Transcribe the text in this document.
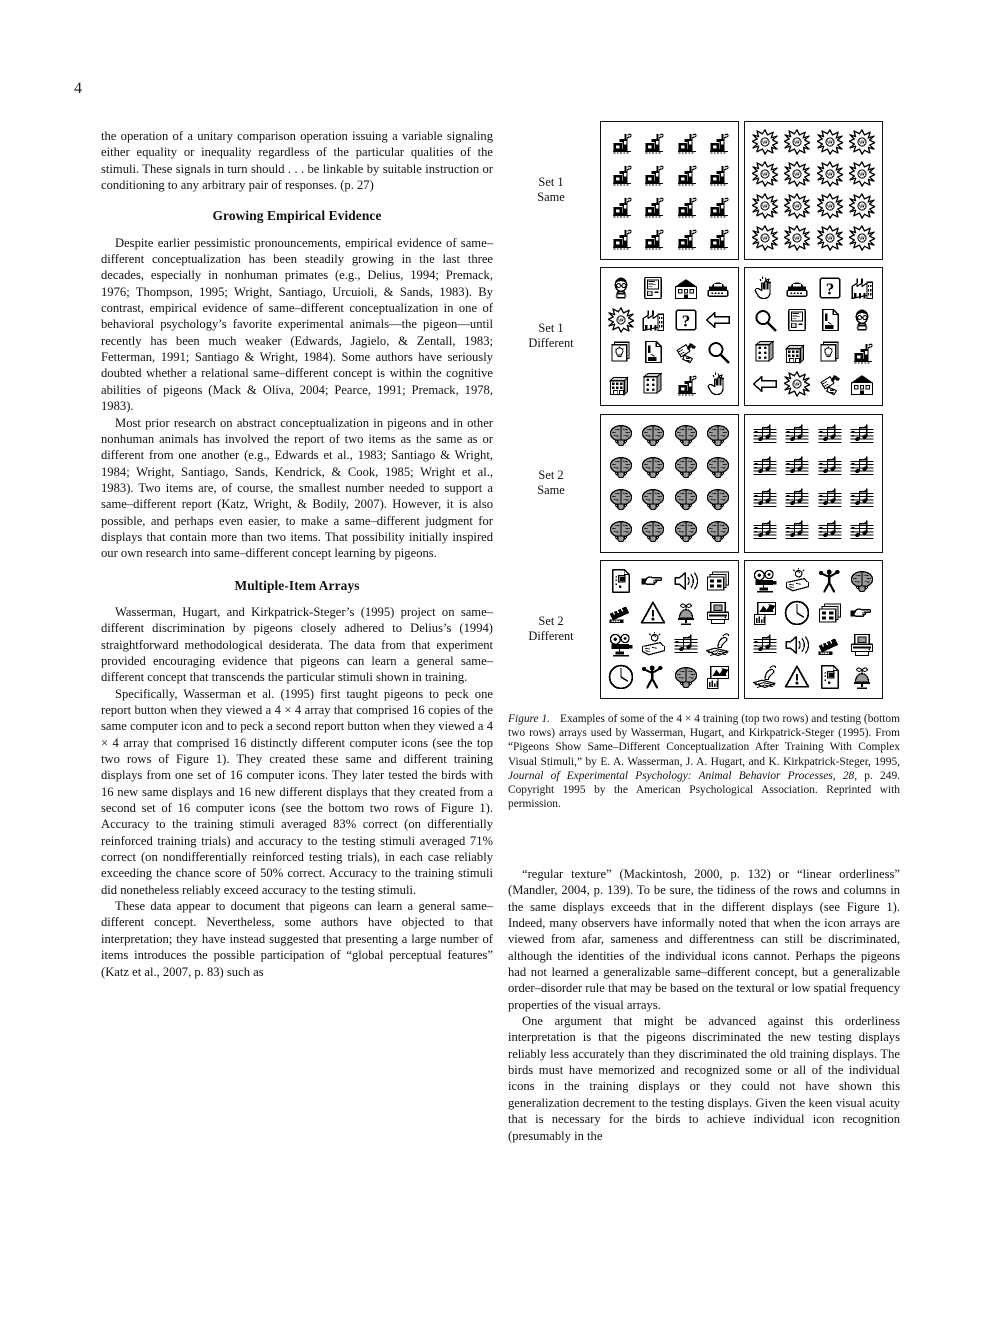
4

the operation of a unitary comparison operation issuing a variable signaling either equality or inequality regardless of the particular qualities of the stimuli. These signals in turn should . . . be linkable by suitable instruction or conditioning to any arbitrary pair of responses. (p. 27)

Growing Empirical Evidence

Despite earlier pessimistic pronouncements, empirical evidence of same–different conceptualization has been steadily growing in the last three decades, especially in nonhuman primates (e.g., Delius, 1994; Premack, 1976; Thompson, 1995; Wright, Santiago, Urcuioli, & Sands, 1983). By contrast, empirical evidence of same–different conceptualization in one of behavioral psychology’s favorite experimental animals—the pigeon—until recently has been much weaker (Edwards, Jagielo, & Zentall, 1983; Fetterman, 1991; Santiago & Wright, 1984). Some authors have seriously doubted whether a relational same–different concept is within the cognitive abilities of pigeons (Mack & Oliva, 2004; Pearce, 1991; Premack, 1978, 1983).

Most prior research on abstract conceptualization in pigeons and in other nonhuman animals has involved the report of two items as the same as or different from one another (e.g., Edwards et al., 1983; Santiago & Wright, 1984; Wright, Santiago, Sands, Kendrick, & Cook, 1985; Wright et al., 1983). Two items are, of course, the smallest number needed to support a same–different report (Katz, Wright, & Bodily, 2007). However, it is also possible, and perhaps even easier, to make a same–different judgment for displays that contain more than two items. That possibility initially inspired our own research into same–different concept learning by pigeons.

Multiple-Item Arrays

Wasserman, Hugart, and Kirkpatrick-Steger’s (1995) project on same–different discrimination by pigeons closely adhered to Delius’s (1994) straightforward methodological desiderata. The data from that experiment provided encouraging evidence that pigeons can learn a general same–different concept that transcends the particular stimuli shown in training.

Specifically, Wasserman et al. (1995) first taught pigeons to peck one report button when they viewed a 4 × 4 array that comprised 16 copies of the same computer icon and to peck a second report button when they viewed a 4 × 4 array that comprised 16 distinctly different computer icons (see the top two rows of Figure 1). They created these same and different training displays from one set of 16 computer icons. They later tested the birds with 16 new same displays and 16 new different displays that they created from a second set of 16 computer icons (see the bottom two rows of Figure 1). Accuracy to the training stimuli averaged 83% correct (on differentially reinforced training trials) and accuracy to the testing stimuli averaged 71% correct (on nondifferentially reinforced testing trials), in each case reliably exceeding the chance score of 50% correct. Accuracy to the training stimuli did nonetheless reliably exceed accuracy to the testing stimuli.

These data appear to document that pigeons can learn a general same–different concept. Nevertheless, some authors have objected to that interpretation; they have instead suggested that presenting a large number of items introduces the possible participation of “global perceptual features” (Katz et al., 2007, p. 83) such as

Set 1
Same
Set 1
Different
?
?
Set 2
Same
Set 2
Different
Figure 1. Examples of some of the 4 × 4 training (top two rows) and testing (bottom two rows) arrays used by Wasserman, Hugart, and Kirkpatrick-Steger (1995). From “Pigeons Show Same–Different Conceptualization After Training With Complex Visual Stimuli,” by E. A. Wasserman, J. A. Hugart, and K. Kirkpatrick-Steger, 1995, Journal of Experimental Psychology: Animal Behavior Processes, 28, p. 249. Copyright 1995 by the American Psychological Association. Reprinted with permission.

“regular texture” (Mackintosh, 2000, p. 132) or “linear orderliness” (Mandler, 2004, p. 139). To be sure, the tidiness of the rows and columns in the same displays exceeds that in the different displays (see Figure 1). Indeed, many observers have informally noted that when the icon arrays are viewed from afar, sameness and differentness can still be discriminated, although the identities of the individual icons cannot. Perhaps the pigeons had not learned a generalizable same–different concept, but a generalizable order–disorder rule that may be based on the textural or low spatial frequency properties of the visual arrays.

One argument that might be advanced against this orderliness interpretation is that the pigeons discriminated the new testing displays reliably less accurately than they discriminated the old training displays. The birds must have memorized and recognized some or all of the individual icons in the training displays or they could not have shown this generalization decrement to the testing displays. Given the keen visual acuity that is necessary for the birds to achieve individual icon recognition (presumably in the
